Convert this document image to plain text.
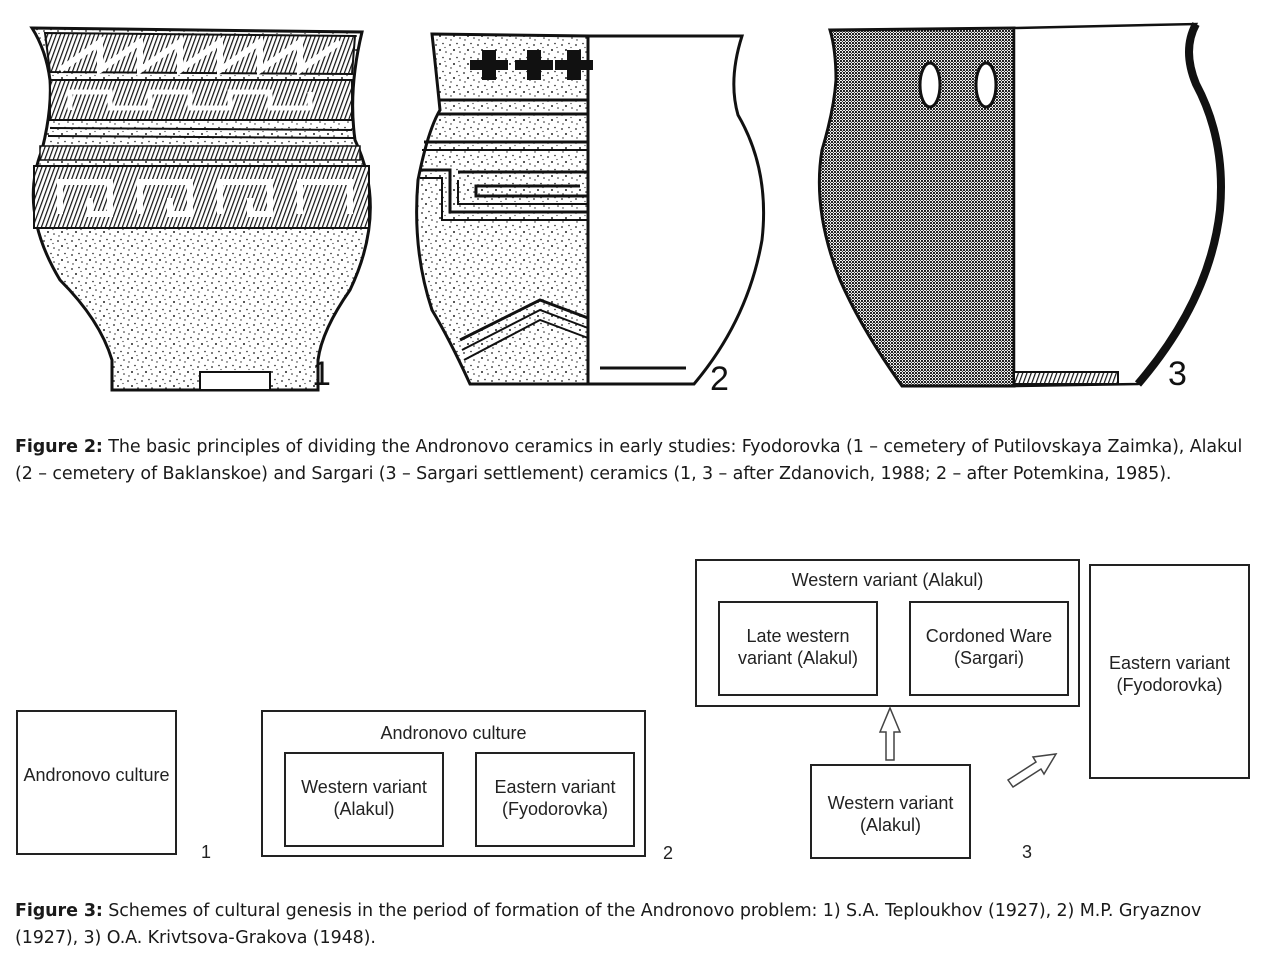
1	2	3
Figure 2: The basic principles of dividing the Andronovo ceramics in early studies: Fyodorovka (1 – cemetery of Putilovskaya Zaimka), Alakul (2 – cemetery of Baklanskoe) and Sargari (3 – Sargari settlement) ceramics (1, 3 – after Zdanovich, 1988; 2 – after Potemkina, 1985).
Andronovo culture
1
Andronovo culture
Western variant (Alakul)
Eastern variant (Fyodorovka)
2
Western variant (Alakul)
Late western variant (Alakul)
Cordoned Ware (Sargari)	Eastern variant (Fyodorovka)
Western variant (Alakul)
3
Figure 3: Schemes of cultural genesis in the period of formation of the Andronovo problem: 1) S.A. Teploukhov (1927), 2) M.P. Gryaznov (1927), 3) O.A. Krivtsova-Grakova (1948).
